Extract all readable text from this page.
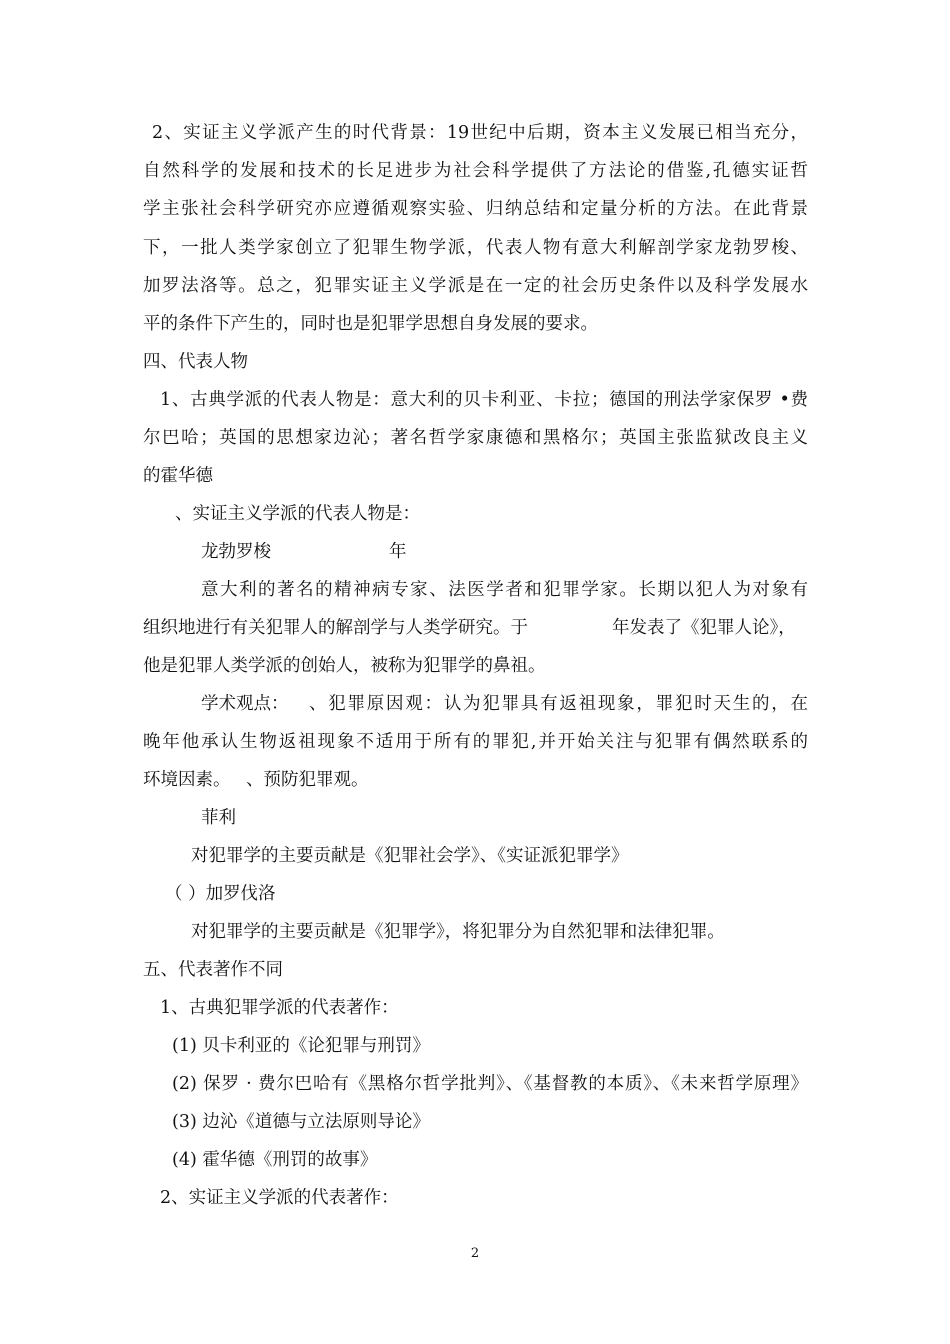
2、实证主义学派产生的时代背景：19世纪中后期，资本主义发展已相当充分，
自然科学的发展和技术的长足进步为社会科学提供了方法论的借鉴,孔德实证哲
学主张社会科学研究亦应遵循观察实验、归纳总结和定量分析的方法。在此背景
下，一批人类学家创立了犯罪生物学派，代表人物有意大利解剖学家龙勃罗梭、
加罗法洛等。总之，犯罪实证主义学派是在一定的社会历史条件以及科学发展水
平的条件下产生的，同时也是犯罪学思想自身发展的要求。
四、代表人物
1、古典学派的代表人物是：意大利的贝卡利亚、卡拉；德国的刑法学家保罗 •费
尔巴哈；英国的思想家边沁；著名哲学家康德和黑格尔；英国主张监狱改良主义
的霍华德
、实证主义学派的代表人物是：
龙勃罗梭	年
意大利的著名的精神病专家、法医学者和犯罪学家。长期以犯人为对象有
组织地进行有关犯罪人的解剖学与人类学研究。于	年发表了《犯罪人论》，
他是犯罪人类学派的创始人，被称为犯罪学的鼻祖。
学术观点： 、犯罪原因观：认为犯罪具有返祖现象，罪犯时天生的，在
晚年他承认生物返祖现象不适用于所有的罪犯,并开始关注与犯罪有偶然联系的
环境因素。 、预防犯罪观。
菲利
对犯罪学的主要贡献是《犯罪社会学》、《实证派犯罪学》
（ ）加罗伐洛
对犯罪学的主要贡献是《犯罪学》，将犯罪分为自然犯罪和法律犯罪。
五、代表著作不同
1、古典犯罪学派的代表著作：
(1) 贝卡利亚的《论犯罪与刑罚》
(2) 保罗 · 费尔巴哈有《黑格尔哲学批判》、《基督教的本质》、《未来哲学原理》
(3) 边沁《道德与立法原则导论》
(4) 霍华德《刑罚的故事》
2、实证主义学派的代表著作：
2
